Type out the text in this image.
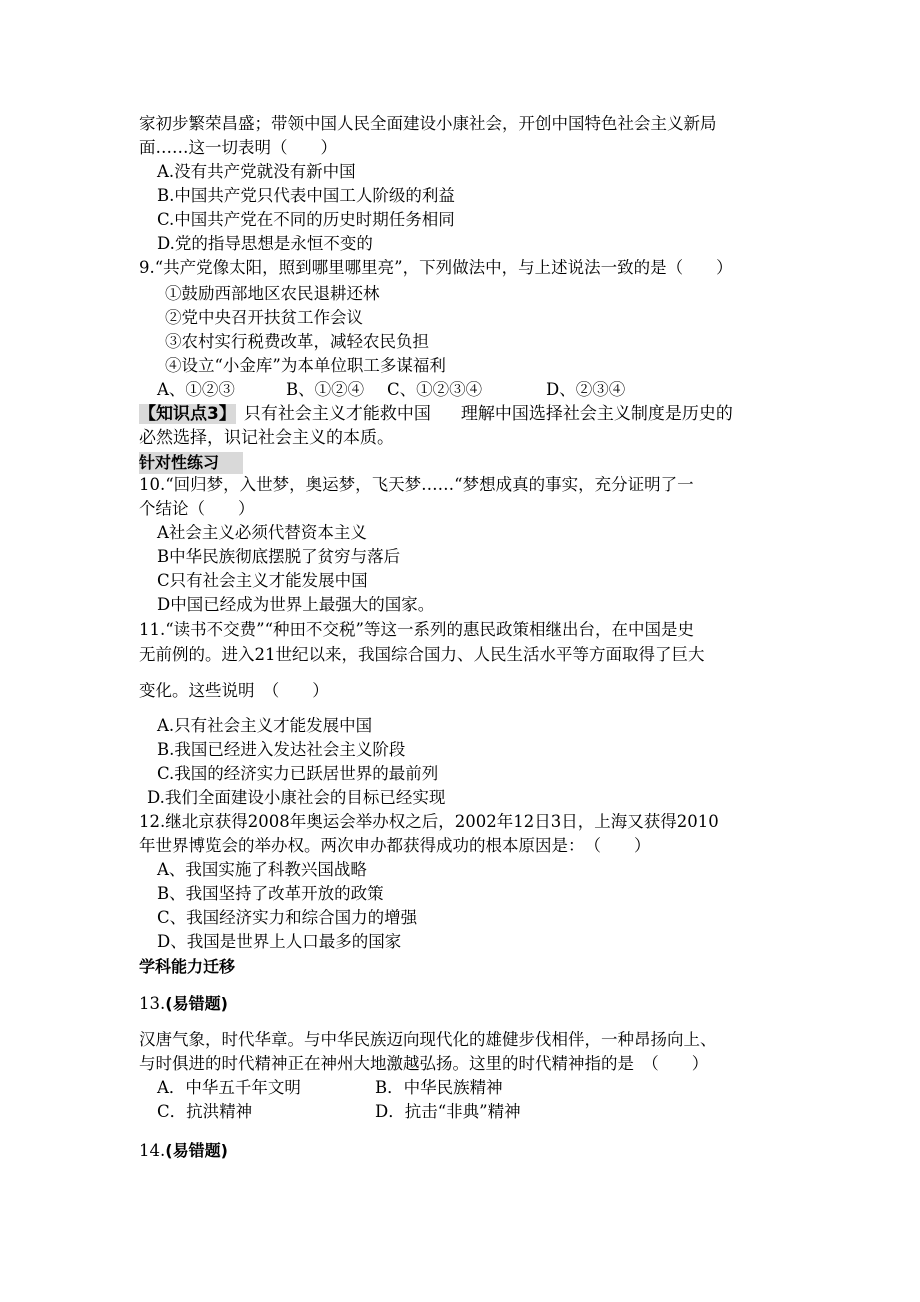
家初步繁荣昌盛；带领中国人民全面建设小康社会，开创中国特色社会主义新局
面……这一切表明（　　）
A.没有共产党就没有新中国
B.中国共产党只代表中国工人阶级的利益
C.中国共产党在不同的历史时期任务相同
D.党的指导思想是永恒不变的
9.“共产党像太阳，照到哪里哪里亮”，下列做法中，与上述说法一致的是（　　）
①鼓励西部地区农民退耕还林
②党中央召开扶贫工作会议
③农村实行税费改革，减轻农民负担
④设立“小金库”为本单位职工多谋福利
A、①②③	B、①②④ C、①②③④	D、②③④
【知识点3】 只有社会主义才能救中国 理解中国选择社会主义制度是历史的
必然选择，识记社会主义的本质。
针对性练习
10.“回归梦，入世梦，奥运梦，飞天梦……“梦想成真的事实，充分证明了一
个结论（　　）
A社会主义必须代替资本主义
B中华民族彻底摆脱了贫穷与落后
C只有社会主义才能发展中国
D中国已经成为世界上最强大的国家。
11.“读书不交费”“种田不交税”等这一系列的惠民政策相继出台，在中国是史
无前例的。进入21世纪以来，我国综合国力、人民生活水平等方面取得了巨大
变化。这些说明　（　　）
A.只有社会主义才能发展中国
B.我国已经进入发达社会主义阶段
C.我国的经济实力已跃居世界的最前列
D.我们全面建设小康社会的目标已经实现
12.继北京获得2008年奥运会举办权之后，2002年12日3日，上海又获得2010
年世界博览会的举办权。两次申办都获得成功的根本原因是：　（　　）
A、我国实施了科教兴国战略
B、我国坚持了改革开放的政策
C、我国经济实力和综合国力的增强
D、我国是世界上人口最多的国家
学科能力迁移
13.(易错题)
汉唐气象，时代华章。与中华民族迈向现代化的雄健步伐相伴，一种昂扬向上、
与时俱进的时代精神正在神州大地激越弘扬。这里的时代精神指的是　（　　）
A．中华五千年文明	B．中华民族精神
C．抗洪精神	D．抗击“非典”精神
14.(易错题)
